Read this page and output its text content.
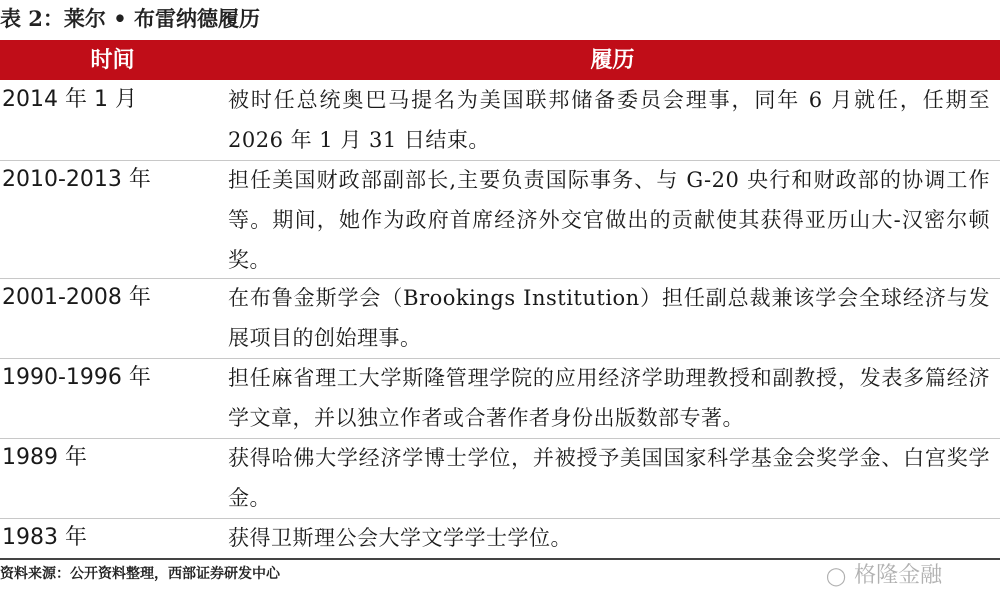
表 2：莱尔 • 布雷纳德履历
时间	履历
2014 年 1 月	被时任总统奥巴马提名为美国联邦储备委员会理事，同年 6 月就任，任期至 2026 年 1 月 31 日结束。
2010-2013 年	担任美国财政部副部长,主要负责国际事务、与 G-20 央行和财政部的协调工作等。期间，她作为政府首席经济外交官做出的贡献使其获得亚历山大-汉密尔顿奖。
2001-2008 年	在布鲁金斯学会（Brookings Institution）担任副总裁兼该学会全球经济与发展项目的创始理事。
1990-1996 年	担任麻省理工大学斯隆管理学院的应用经济学助理教授和副教授，发表多篇经济学文章，并以独立作者或合著作者身份出版数部专著。
1989 年	获得哈佛大学经济学博士学位，并被授予美国国家科学基金会奖学金、白宫奖学金。
1983 年	获得卫斯理公会大学文学学士学位。
资料来源：公开资料整理，西部证券研发中心	◯ 格隆金融
